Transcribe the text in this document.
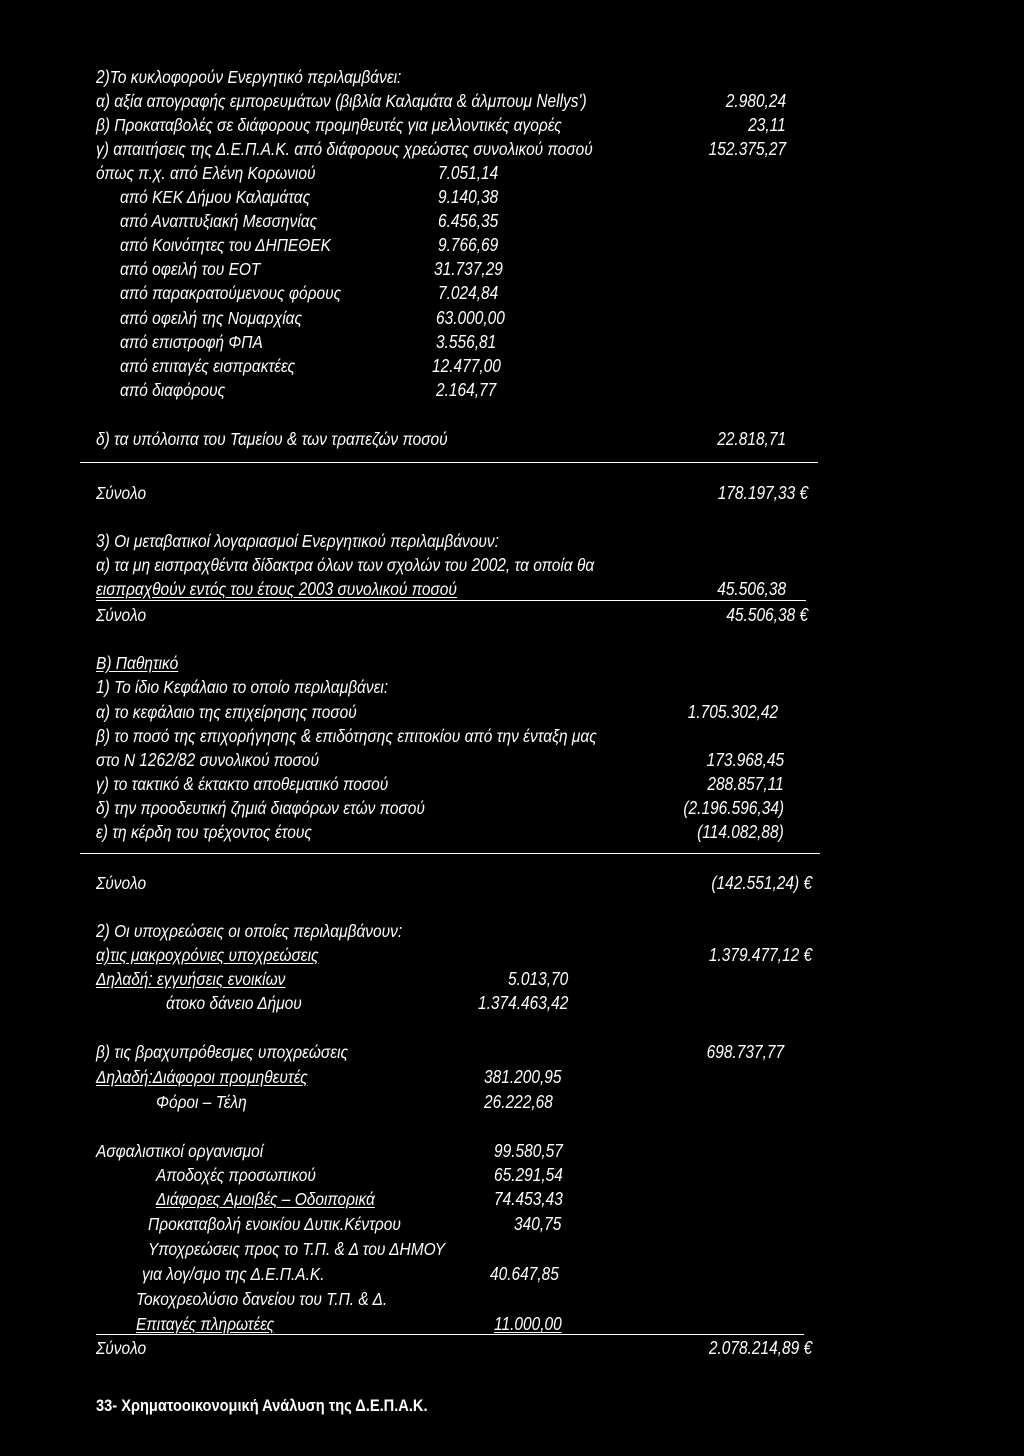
2)Το κυκλοφορούν Ενεργητικό περιλαμβάνει:
α) αξία απογραφής εμπορευμάτων (βιβλία Καλαμάτα & άλμπουμ Nellys')	2.980,24
β) Προκαταβολές σε διάφορους προμηθευτές για μελλοντικές αγορές	23,11
γ) απαιτήσεις της Δ.Ε.Π.Α.Κ. από διάφορους χρεώστες συνολικού ποσού	152.375,27
όπως π.χ. από Ελένη Κορωνιού	7.051,14
από ΚΕΚ Δήμου Καλαμάτας	9.140,38
από Αναπτυξιακή Μεσσηνίας	6.456,35
από Κοινότητες του ΔΗΠΕΘΕΚ	9.766,69
από οφειλή του ΕΟΤ	31.737,29
από παρακρατούμενους φόρους	7.024,84
από οφειλή της Νομαρχίας	63.000,00
από επιστροφή ΦΠΑ	3.556,81
από επιταγές εισπρακτέες	12.477,00
από διαφόρους	2.164,77
δ) τα υπόλοιπα του Ταμείου & των τραπεζών ποσού	22.818,71
Σύνολο	178.197,33 €
3) Οι μεταβατικοί λογαριασμοί Ενεργητικού περιλαμβάνουν:
α) τα μη εισπραχθέντα δίδακτρα όλων των σχολών του 2002, τα οποία θα
εισπραχθούν εντός του έτους 2003 συνολικού ποσού	45.506,38
Σύνολο	45.506,38 €
Β) Παθητικό
1) Το ίδιο Κεφάλαιο το οποίο περιλαμβάνει:
α) το κεφάλαιο της επιχείρησης ποσού	1.705.302,42
β) το ποσό της επιχορήγησης & επιδότησης επιτοκίου από την ένταξη μας
στο Ν 1262/82 συνολικού ποσού	173.968,45
γ) το τακτικό & έκτακτο αποθεματικό ποσού	288.857,11
δ) την προοδευτική ζημιά διαφόρων ετών ποσού	(2.196.596,34)
ε) τη κέρδη του τρέχοντος έτους	(114.082,88)
Σύνολο	(142.551,24) €
2) Οι υποχρεώσεις οι οποίες περιλαμβάνουν:
α)τις μακροχρόνιες υποχρεώσεις	1.379.477,12 €
Δηλαδή: εγγυήσεις ενοικίων	5.013,70
άτοκο δάνειο Δήμου	1.374.463,42
β) τις βραχυπρόθεσμες υποχρεώσεις	698.737,77
Δηλαδή:Διάφοροι προμηθευτές	381.200,95
Φόροι – Τέλη	26.222,68
Ασφαλιστικοί οργανισμοί	99.580,57
Αποδοχές προσωπικού	65.291,54
Διάφορες Αμοιβές – Οδοιπορικά	74.453,43
Προκαταβολή ενοικίου Δυτικ.Κέντρου	340,75
Υποχρεώσεις προς το Τ.Π. & Δ του ΔΗΜΟΥ
για λογ/σμο της Δ.Ε.Π.Α.Κ.	40.647,85
Τοκοχρεολύσιο δανείου του Τ.Π. & Δ.
Επιταγές πληρωτέες	11.000,00
Σύνολο	2.078.214,89 €
33- Χρηματοοικονομική Ανάλυση της Δ.Ε.Π.Α.Κ.
